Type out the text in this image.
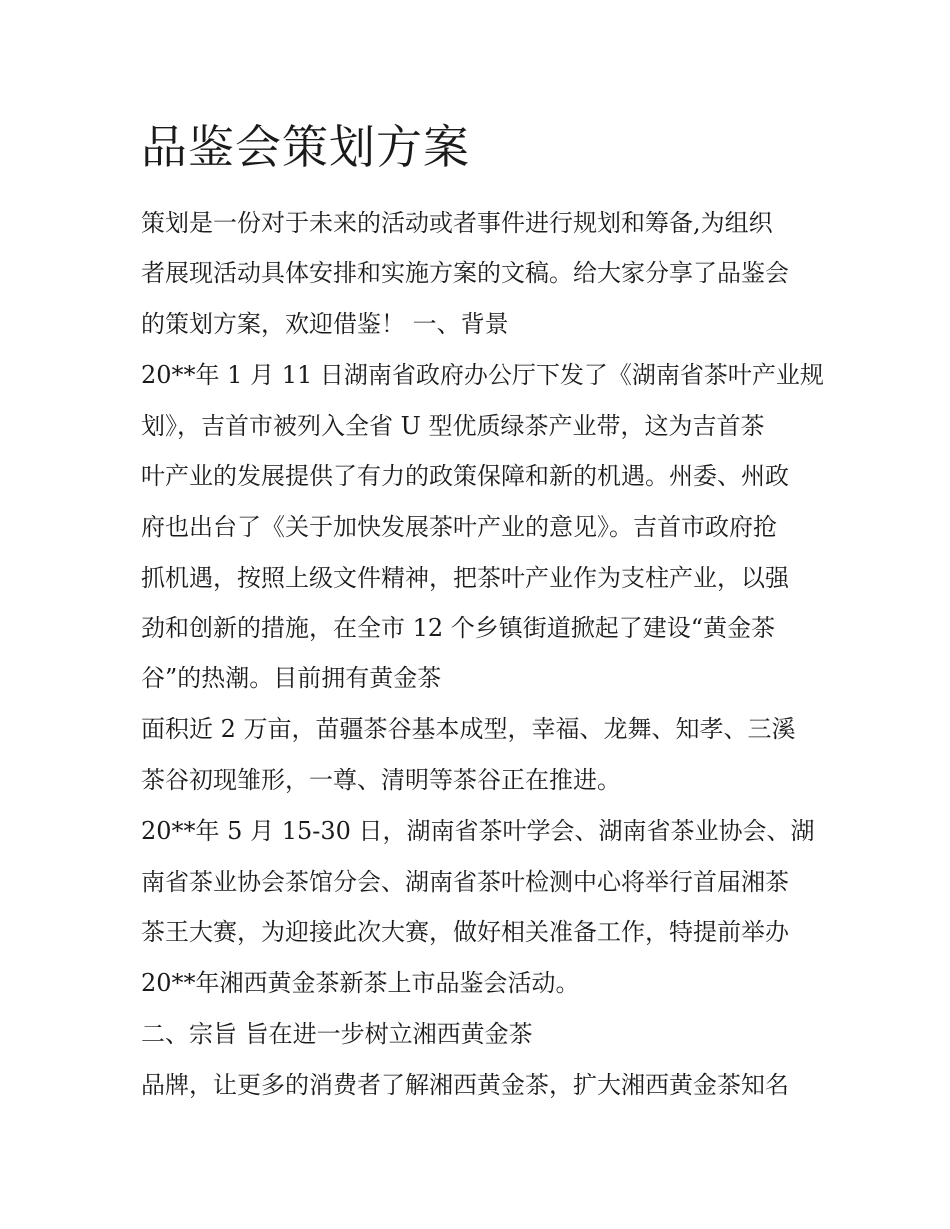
品鉴会策划方案

策划是一份对于未来的活动或者事件进行规划和筹备,为组织

者展现活动具体安排和实施方案的文稿。给大家分享了品鉴会

的策划方案，欢迎借鉴！ 一、背景

20**年 1 月 11 日湖南省政府办公厅下发了《湖南省茶叶产业规

划》，吉首市被列入全省 U 型优质绿茶产业带，这为吉首茶

叶产业的发展提供了有力的政策保障和新的机遇。州委、州政

府也出台了《关于加快发展茶叶产业的意见》。吉首市政府抢

抓机遇，按照上级文件精神，把茶叶产业作为支柱产业，以强

劲和创新的措施，在全市 12 个乡镇街道掀起了建设“黄金茶

谷”的热潮。目前拥有黄金茶

面积近 2 万亩，苗疆茶谷基本成型，幸福、龙舞、知孝、三溪

茶谷初现雏形，一尊、清明等茶谷正在推进。

20**年 5 月 15-30 日，湖南省茶叶学会、湖南省茶业协会、湖

南省茶业协会茶馆分会、湖南省茶叶检测中心将举行首届湘茶

茶王大赛，为迎接此次大赛，做好相关准备工作，特提前举办

20**年湘西黄金茶新茶上市品鉴会活动。

二、宗旨 旨在进一步树立湘西黄金茶

品牌，让更多的消费者了解湘西黄金茶，扩大湘西黄金茶知名
